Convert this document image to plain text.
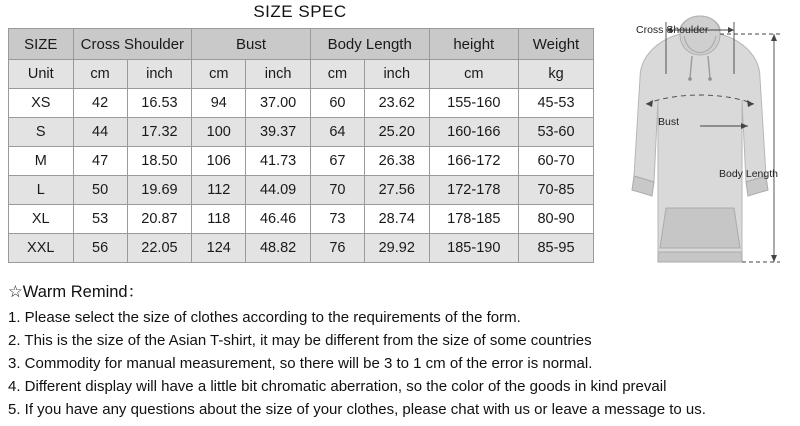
SIZE SPEC
SIZE	Cross Shoulder		Bust		Body Length		height	Weight
Unit	cm	inch	cm	inch	cm	inch	cm	kg
XS	42	16.53	94	37.00	60	23.62	155-160	45-53
S	44	17.32	100	39.37	64	25.20	160-166	53-60
M	47	18.50	106	41.73	67	26.38	166-172	60-70
L	50	19.69	112	44.09	70	27.56	172-178	70-85
XL	53	20.87	118	46.46	73	28.74	178-185	80-90
XXL	56	22.05	124	48.82	76	29.92	185-190	85-95

☆Warm Remind：

1. Please select the size of clothes according to the requirements of the form.

2. This is the size of the Asian T-shirt, it may be different from the size of some countries

3. Commodity for manual measurement, so there will be 3 to 1 cm of the error is normal.

4. Different display will have a little bit chromatic aberration, so the color of the goods in kind prevail

5. If you have any questions about the size of your clothes, please chat with us or leave a message to us.

Cross Shoulder
Bust
Body Length
